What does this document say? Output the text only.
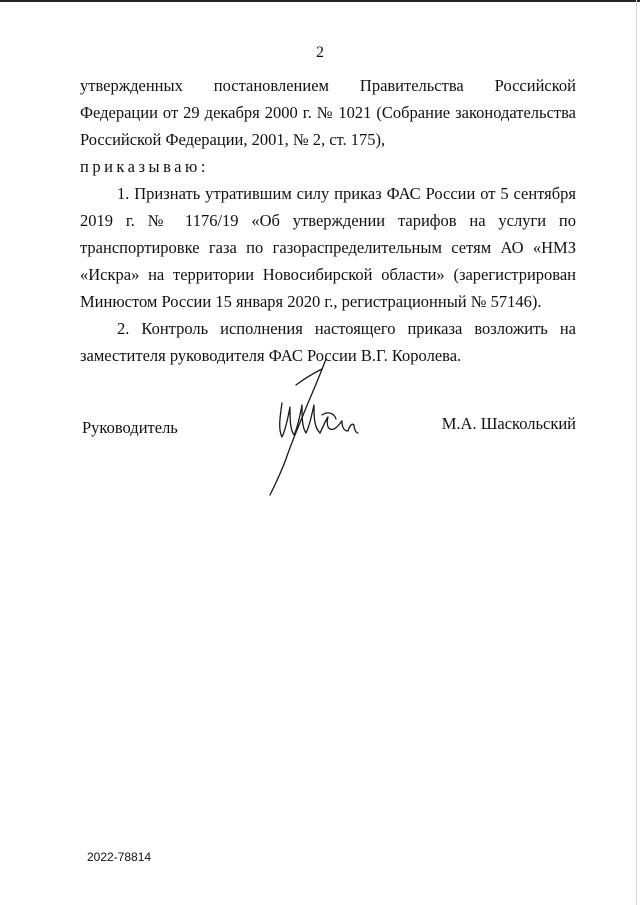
2

утвержденных постановлением Правительства Российской Федерации от 29 декабря 2000 г. № 1021 (Собрание законодательства Российской Федерации, 2001, № 2, ст. 175),

приказываю:

1. Признать утратившим силу приказ ФАС России от 5 сентября 2019 г. № 1176/19 «Об утверждении тарифов на услуги по транспортировке газа по газораспределительным сетям АО «НМЗ «Искра» на территории Новосибирской области» (зарегистрирован Минюстом России 15 января 2020 г., регистрационный № 57146).

2. Контроль исполнения настоящего приказа возложить на заместителя руководителя ФАС России В.Г. Королева.

Руководитель	М.А. Шаскольский
2022-78814
